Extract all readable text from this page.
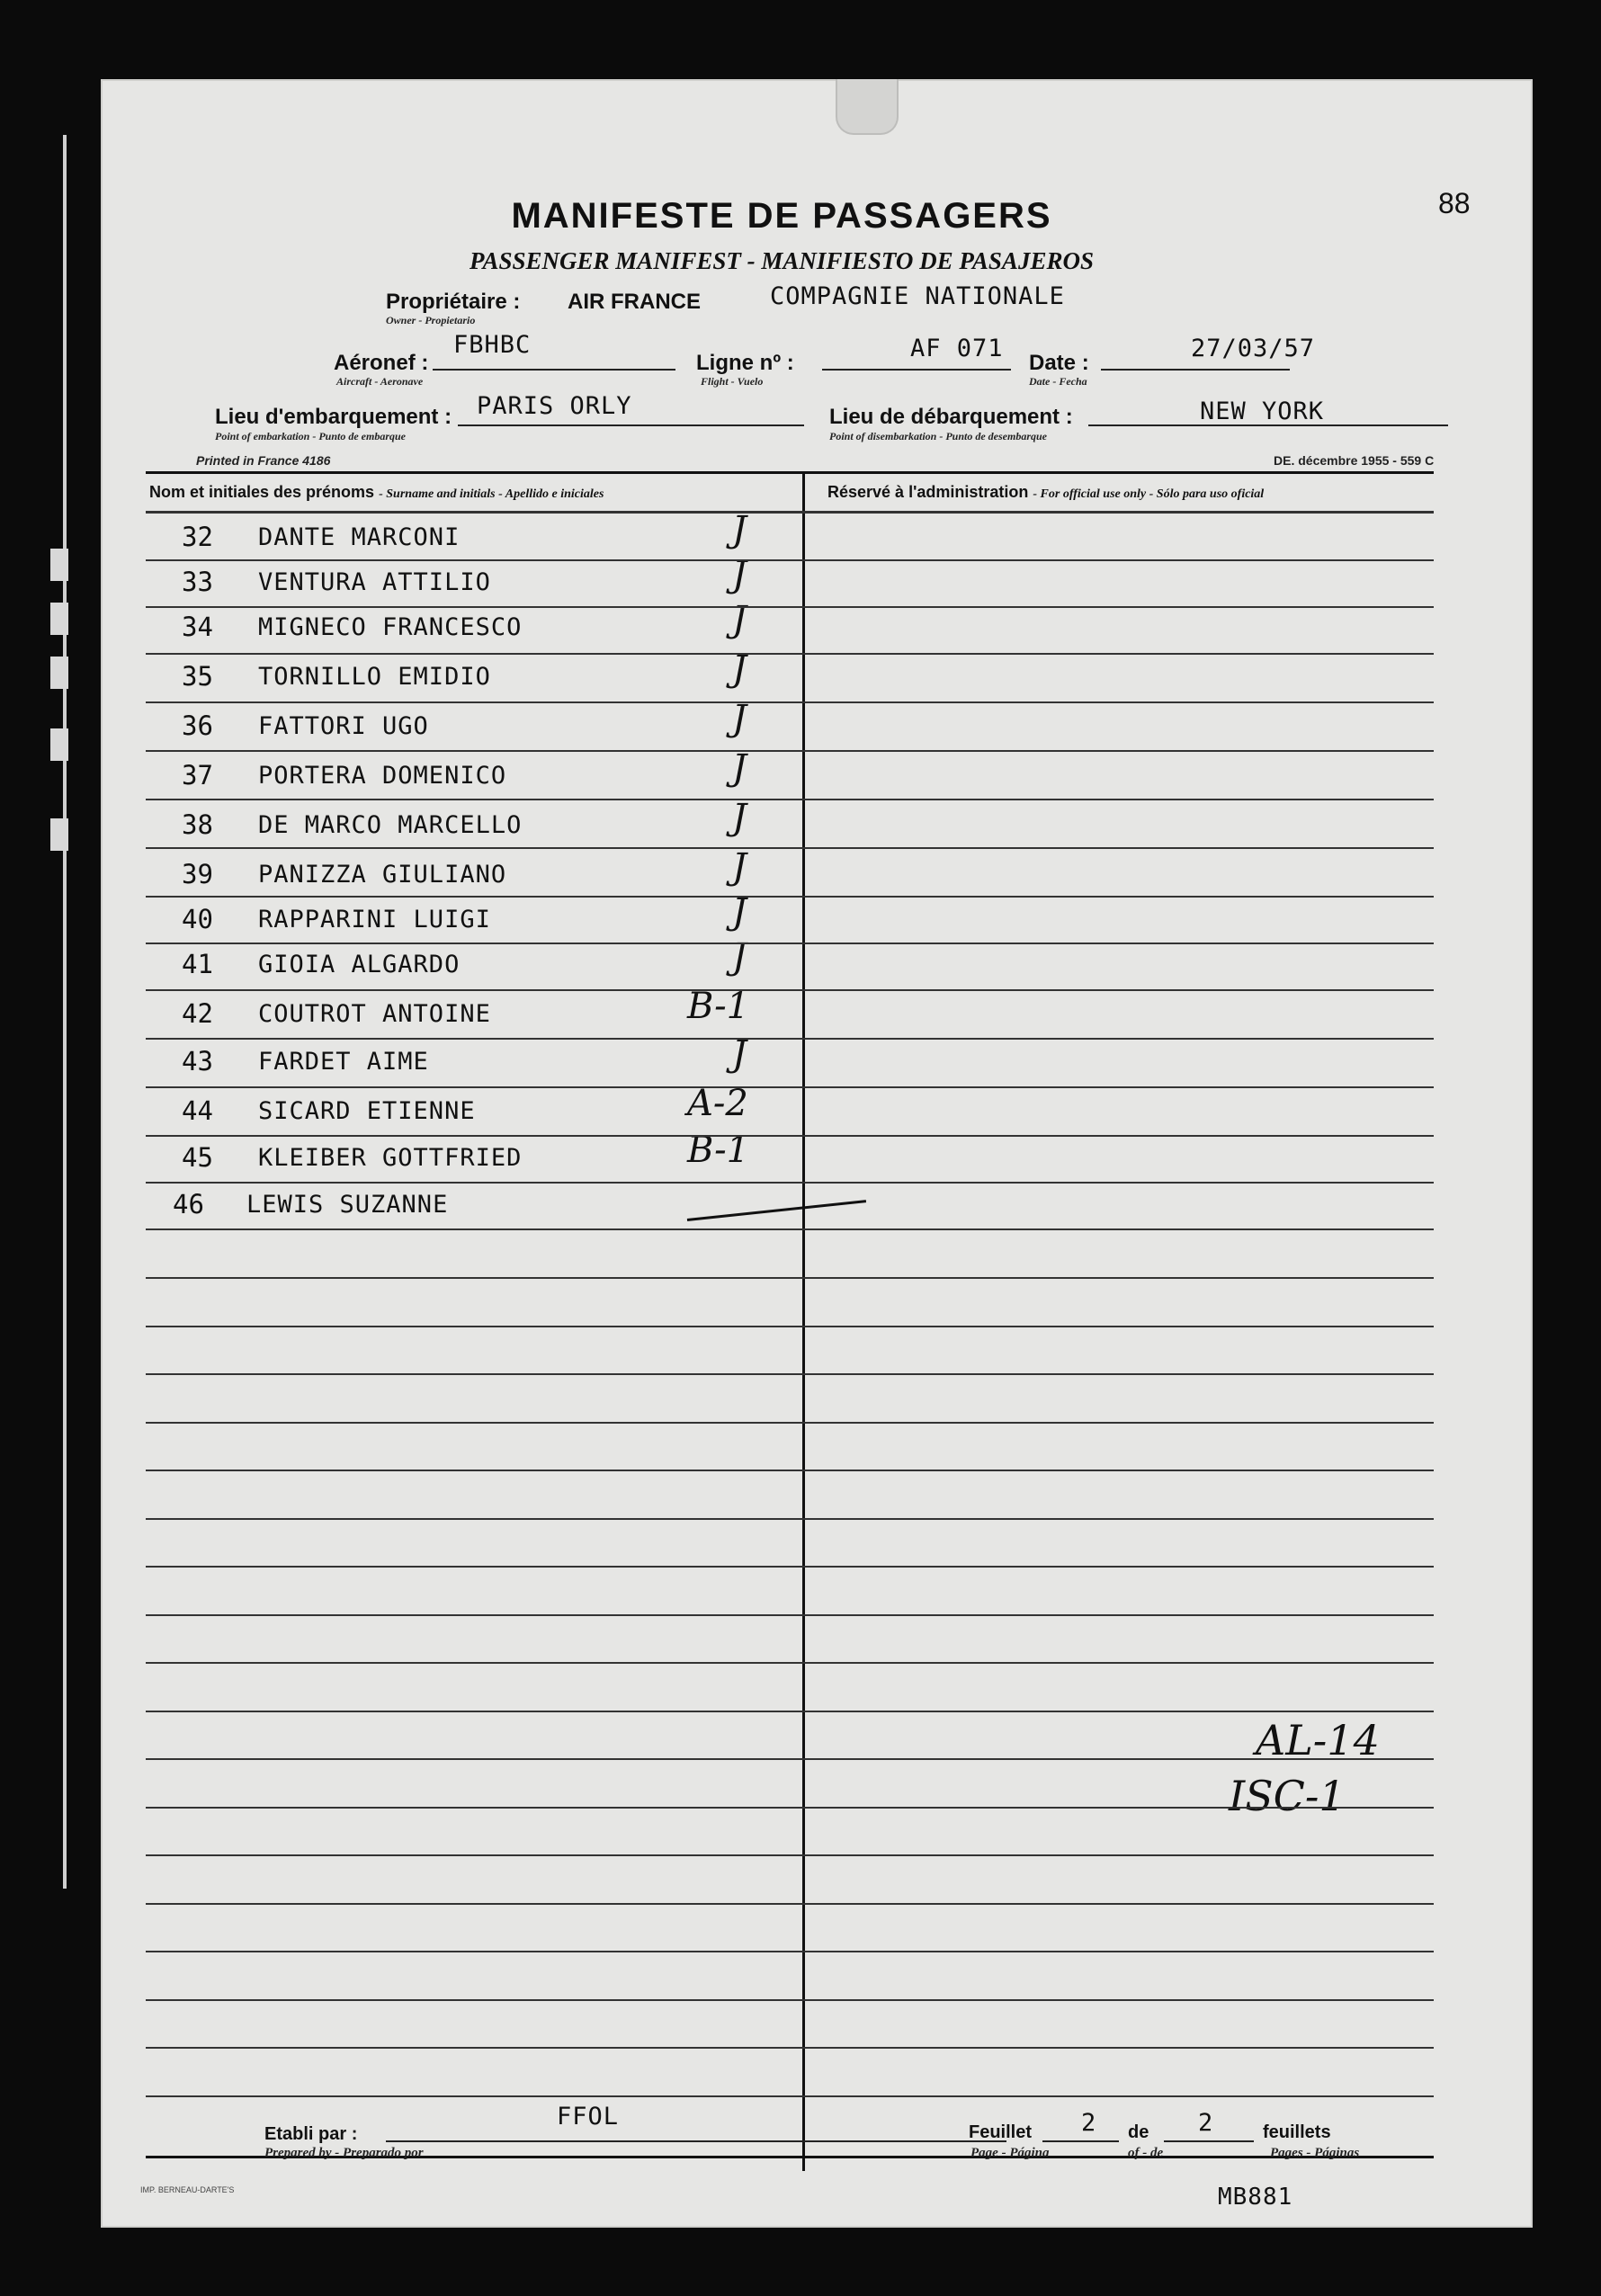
88
MANIFESTE DE PASSAGERS
PASSENGER MANIFEST - MANIFIESTO DE PASAJEROS
Propriétaire : AIR FRANCE	COMPAGNIE NATIONALE
Owner - Propietario
Aéronef :
FBHBC
Aircraft - Aeronave
Ligne nº :
AF 071
Flight - Vuelo
Date :
27/03/57
Date - Fecha
Lieu d'embarquement : PARIS ORLY
Point of embarkation - Punto de embarque
Lieu de débarquement :	NEW YORK
Point of disembarkation - Punto de desembarque
Printed in France 4186	DE. décembre 1955 - 559 C
Nom et initiales des prénoms - Surname and initials - Apellido e iniciales	Réservé à l'administration - For official use only - Sólo para uso oficial
32 DANTE MARCONI	J
33 VENTURA ATTILIO	J
34 MIGNECO FRANCESCO	J
35 TORNILLO EMIDIO	J
36 FATTORI UGO	J
37 PORTERA DOMENICO	J
38 DE MARCO MARCELLO	J
39 PANIZZA GIULIANO	J
40 RAPPARINI LUIGI	J
41 GIOIA ALGARDO	J
42 COUTROT ANTOINE	B-1
43 FARDET AIME	J
44 SICARD ETIENNE	A-2
45 KLEIBER GOTTFRIED	B-1
46 LEWIS SUZANNE
AL-14
ISC-1
Etabli par :
FFOL
Prepared by - Preparado por
Feuillet 2 de 2	feuillets
Page - Página	of - de	Pages - Páginas
IMP. BERNEAU-DARTE'S	MB881
